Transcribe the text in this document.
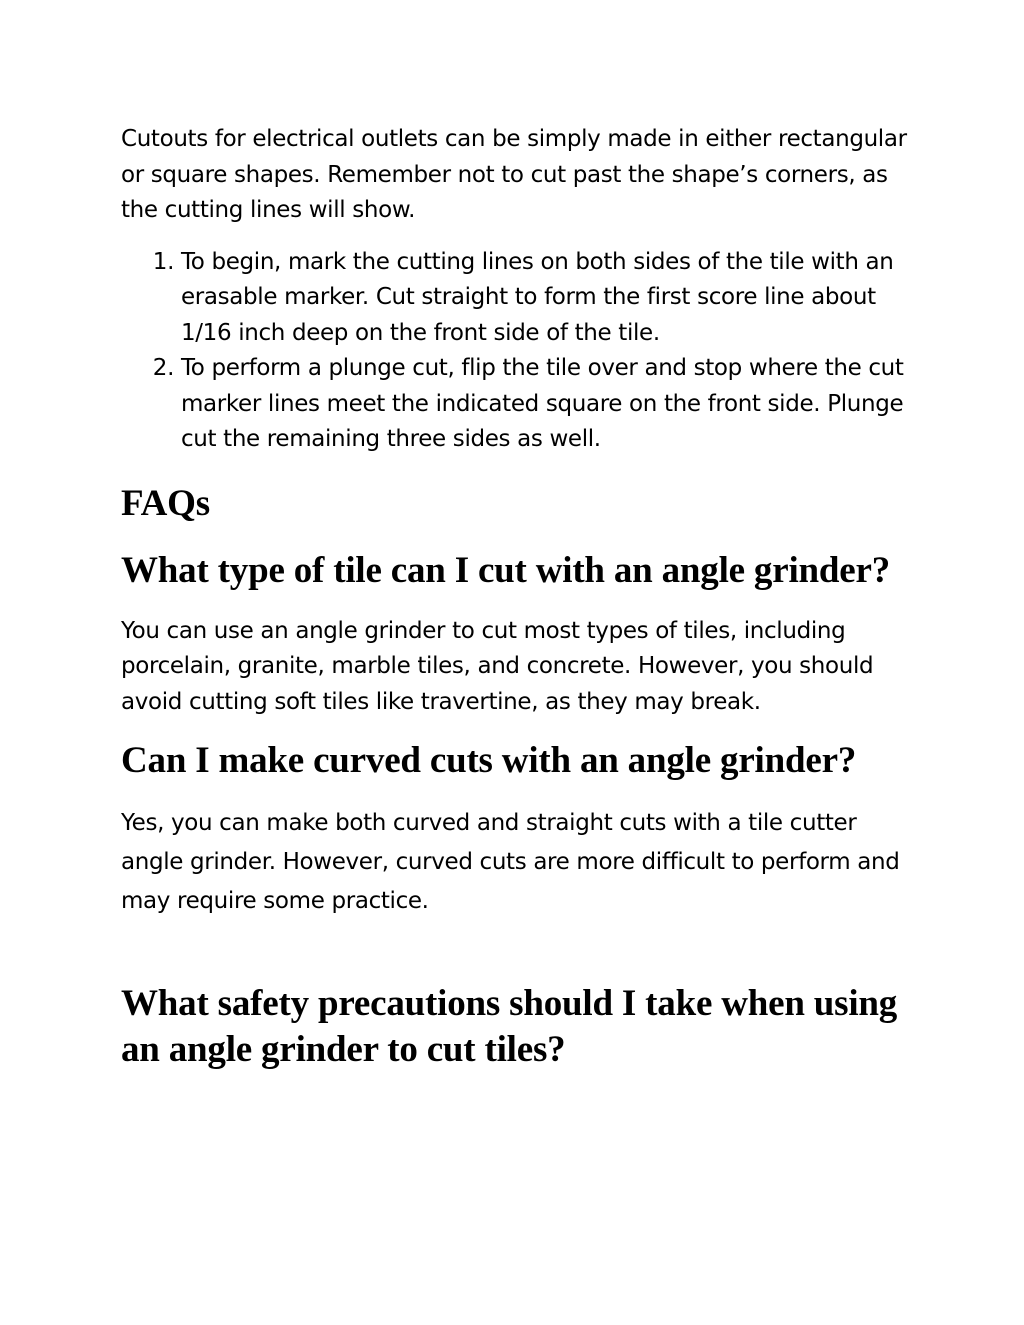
Cutouts for electrical outlets can be simply made in either rectangular or square shapes. Remember not to cut past the shape’s corners, as the cutting lines will show.

1. To begin, mark the cutting lines on both sides of the tile with an erasable marker. Cut straight to form the first score line about 1/16 inch deep on the front side of the tile.
2. To perform a plunge cut, flip the tile over and stop where the cut marker lines meet the indicated square on the front side. Plunge cut the remaining three sides as well.
FAQs
What type of tile can I cut with an angle grinder?

You can use an angle grinder to cut most types of tiles, including porcelain, granite, marble tiles, and concrete. However, you should avoid cutting soft tiles like travertine, as they may break.

Can I make curved cuts with an angle grinder?

Yes, you can make both curved and straight cuts with a tile cutter angle grinder. However, curved cuts are more difficult to perform and may require some practice.

What safety precautions should I take when using an angle grinder to cut tiles?
